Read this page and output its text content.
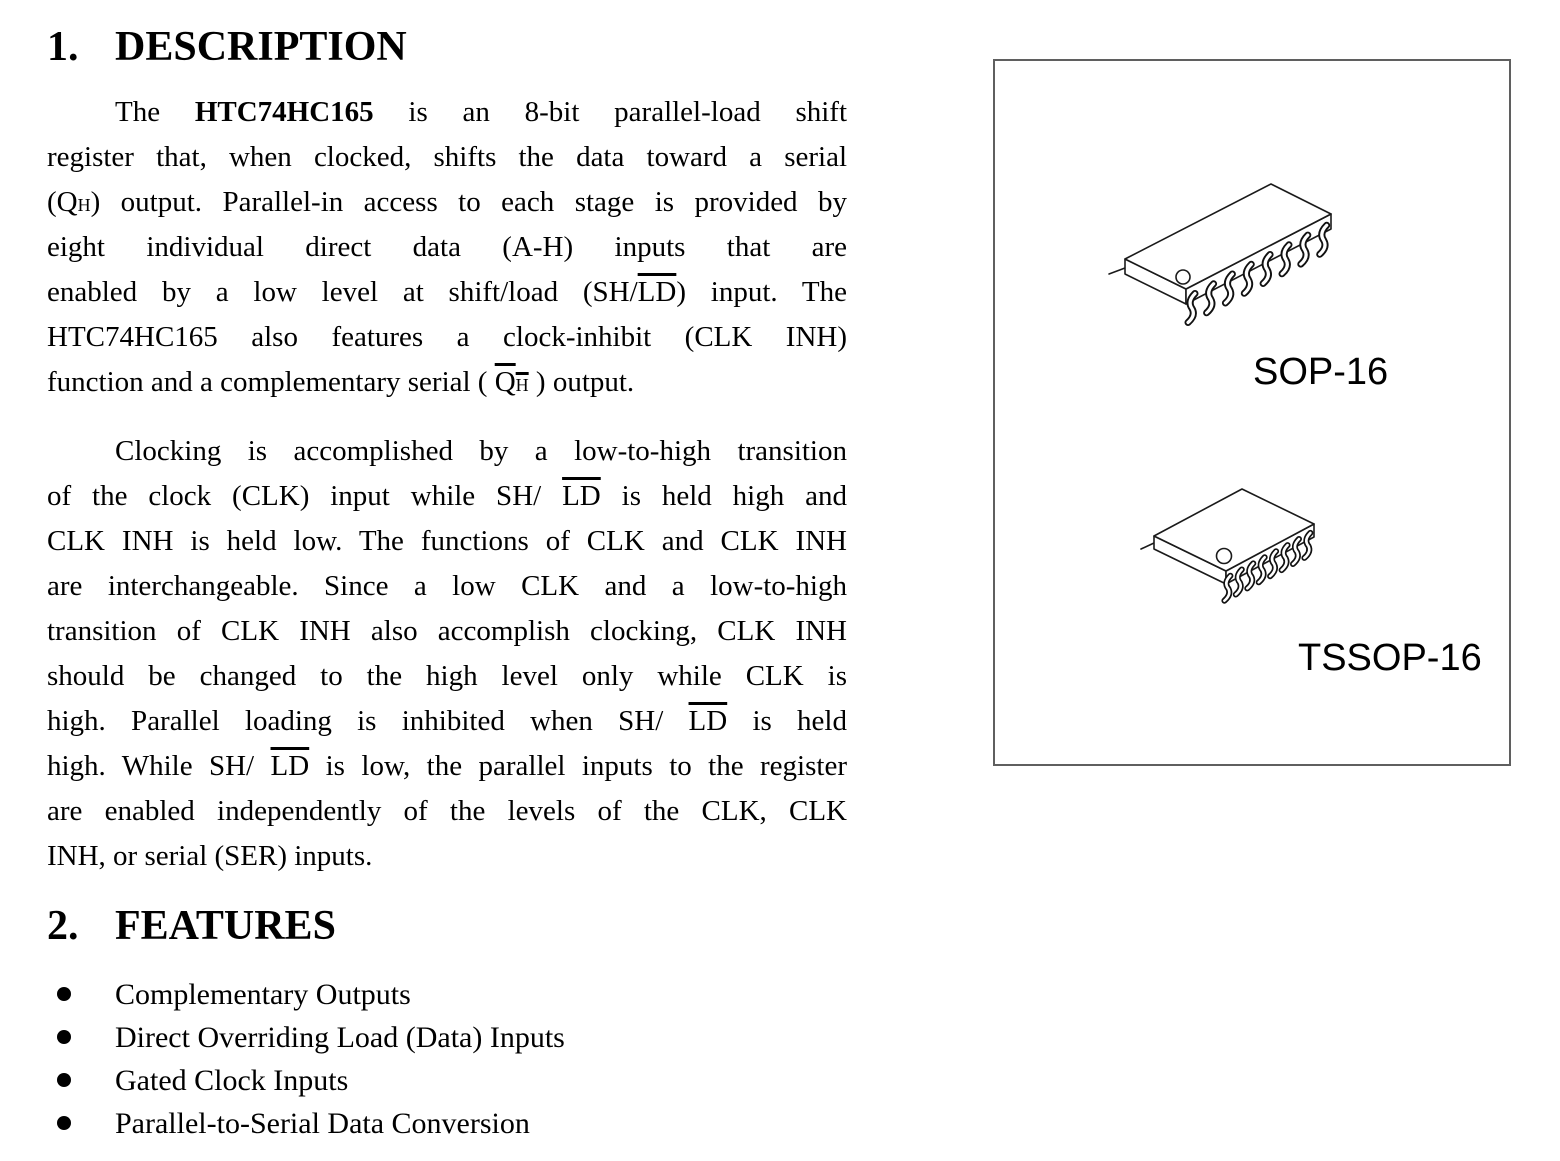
1. DESCRIPTION
The HTC74HC165 is an 8-bit parallel-load shift
register that, when clocked, shifts the data toward a serial
(QH) output. Parallel-in access to each stage is provided by
eight individual direct data (A-H) inputs that are
enabled by a low level at shift/load $(SH/\overline{LD})$ input. The
HTC74HC165 also features a clock-inhibit (CLK INH)
function and a complementary serial ( $\overline{Q}\overline{H}$ ) output.
Clocking is accomplished by a low-to-high transition
of the clock (CLK) input while SH/ $\overline{LD}$ is held high and
CLK INH is held low. The functions of CLK and CLK INH
are interchangeable. Since a low CLK and a low-to-high
transition of CLK INH also accomplish clocking, CLK INH
should be changed to the high level only while CLK is
high. Parallel loading is inhibited when SH/ $\overline{LD}$ is held
high. While SH/ $\overline{LD}$ is low, the parallel inputs to the register
are enabled independently of the levels of the CLK, CLK
INH, or serial (SER) inputs.
2. FEATURES
Complementary Outputs
Direct Overriding Load (Data) Inputs
Gated Clock Inputs
Parallel-to-Serial Data Conversion
SOP-16
TSSOP-16
